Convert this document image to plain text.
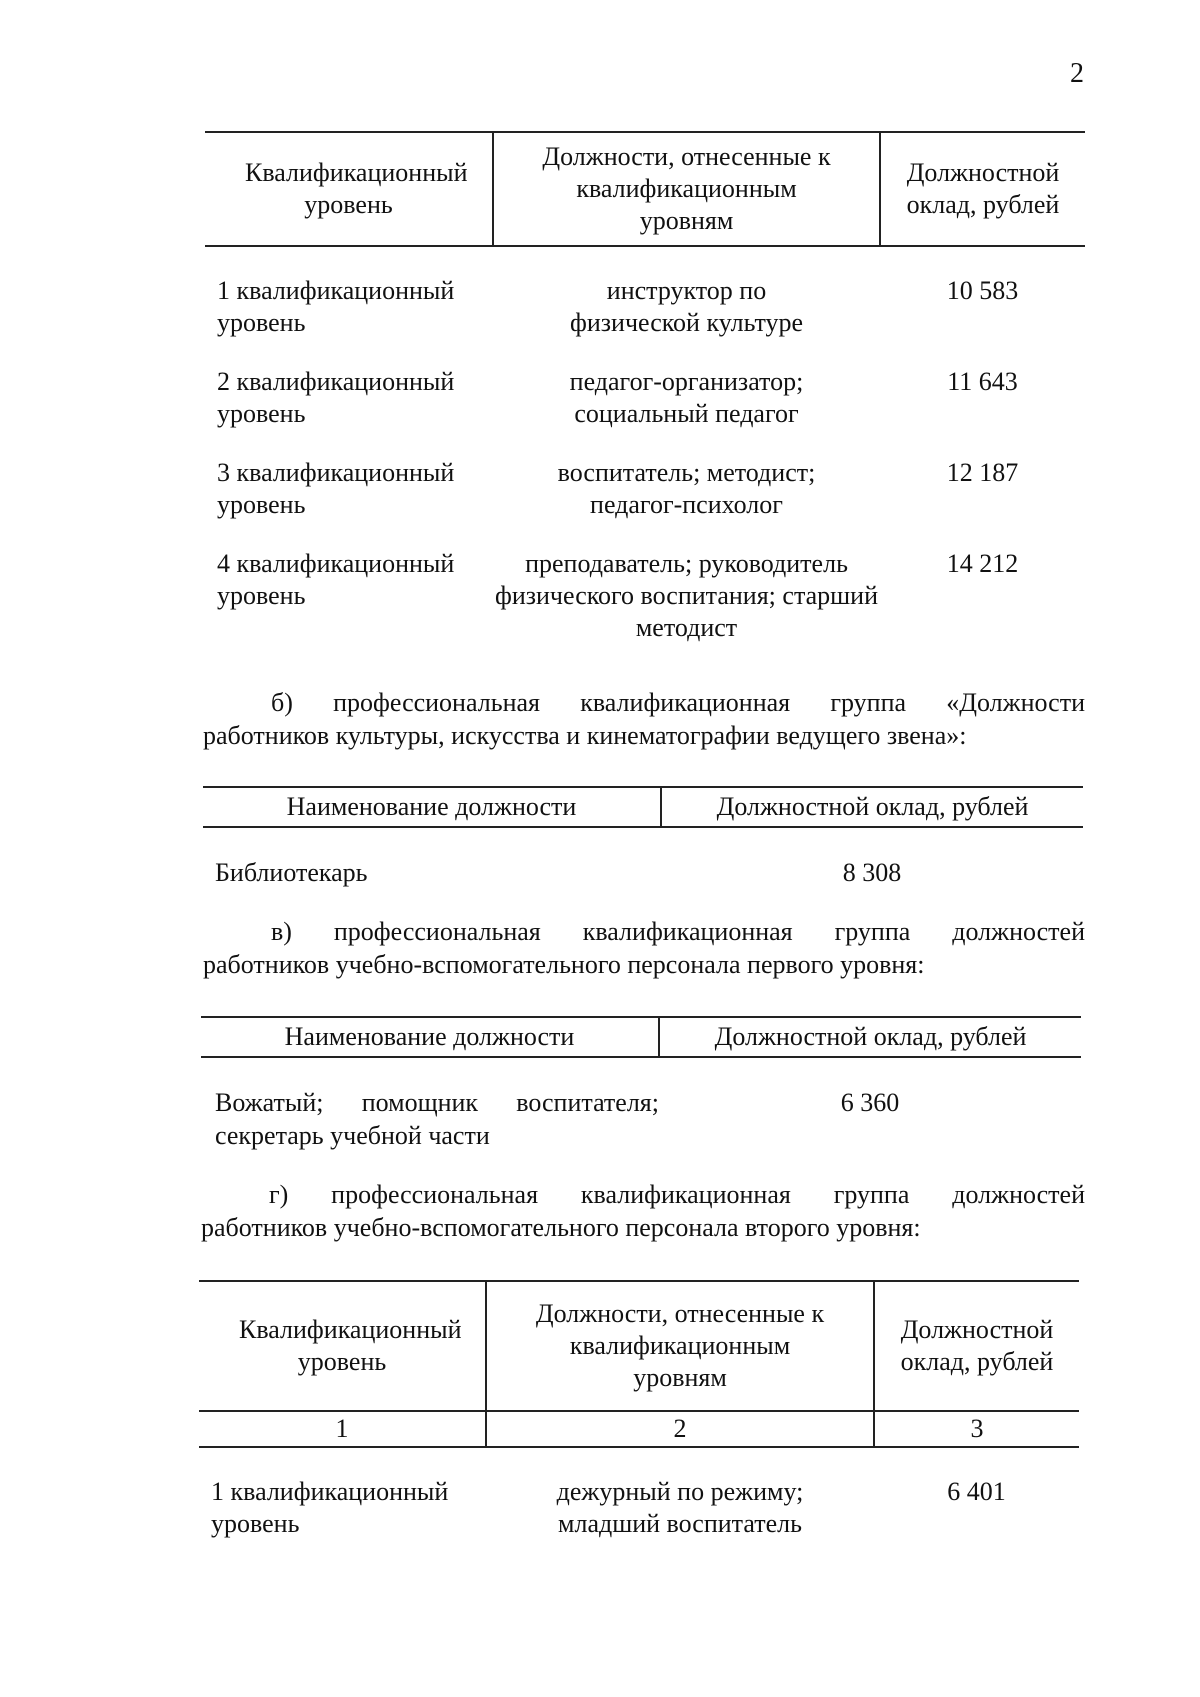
2
Квалификационный уровень	Должности, отнесенные к квалификационным уровням	Должностной оклад, рублей
1 квалификационный уровень	инструктор по физической культуре	10 583
2 квалификационный уровень	педагог-организатор; социальный педагог	11 643
3 квалификационный уровень	воспитатель; методист; педагог-психолог	12 187
4 квалификационный уровень	преподаватель; руководитель физического воспитания; старший методист	14 212
б) профессиональная квалификационная группа «Должности
работников культуры, искусства и кинематографии ведущего звена»:
Наименование должности	Должностной оклад, рублей
Библиотекарь	8 308
в) профессиональная квалификационная группа должностей
работников учебно-вспомогательного персонала первого уровня:
Наименование должности	Должностной оклад, рублей
Вожатый; помощник воспитателя; секретарь учебной части	6 360
г) профессиональная квалификационная группа должностей
работников учебно-вспомогательного персонала второго уровня:
Квалификационный уровень	Должности, отнесенные к квалификационным уровням	Должностной оклад, рублей
1	2	3
1 квалификационный уровень	дежурный по режиму; младший воспитатель	6 401
